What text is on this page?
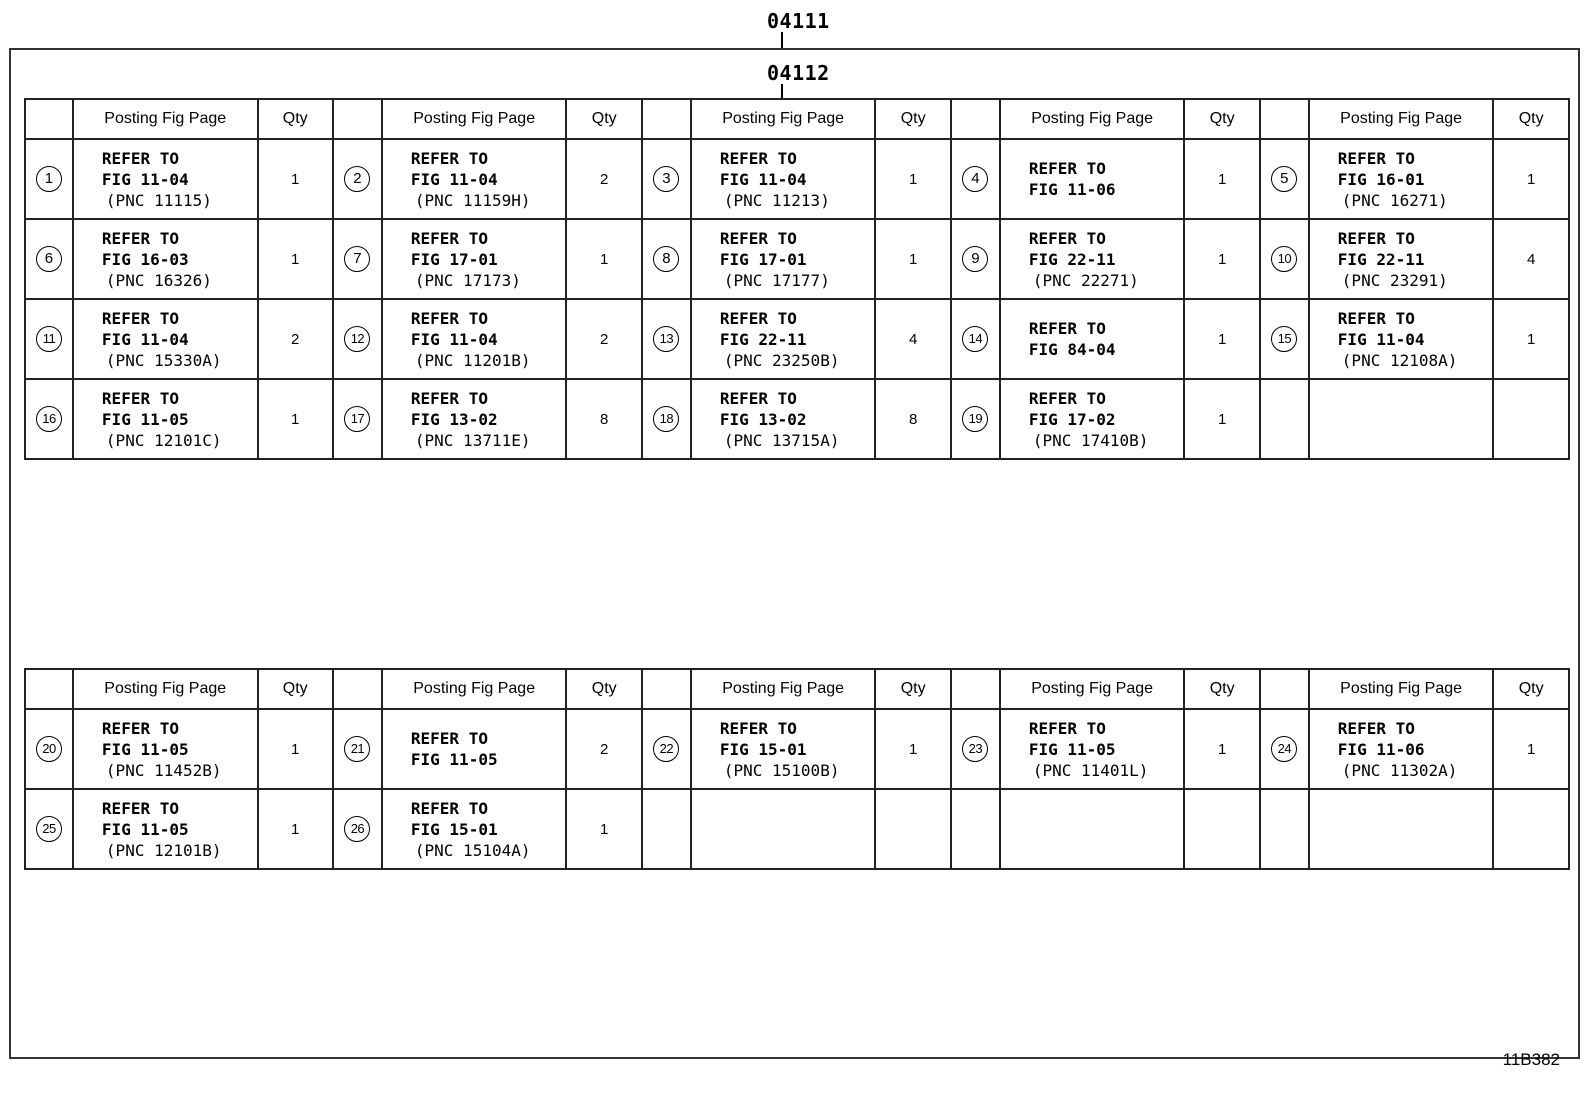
04111
04112
	Posting Fig Page	Qty		Posting Fig Page	Qty		Posting Fig Page	Qty		Posting Fig Page	Qty		Posting Fig Page	Qty
1	REFER TO
FIG 11-04
(PNC 11115)	1	2	REFER TO
FIG 11-04
(PNC 11159H)	2	3	REFER TO
FIG 11-04
(PNC 11213)	1	4	REFER TO
FIG 11-06	1	5	REFER TO
FIG 16-01
(PNC 16271)	1
6	REFER TO
FIG 16-03
(PNC 16326)	1	7	REFER TO
FIG 17-01
(PNC 17173)	1	8	REFER TO
FIG 17-01
(PNC 17177)	1	9	REFER TO
FIG 22-11
(PNC 22271)	1	10	REFER TO
FIG 22-11
(PNC 23291)	4
11	REFER TO
FIG 11-04
(PNC 15330A)	2	12	REFER TO
FIG 11-04
(PNC 11201B)	2	13	REFER TO
FIG 22-11
(PNC 23250B)	4	14	REFER TO
FIG 84-04	1	15	REFER TO
FIG 11-04
(PNC 12108A)	1
16	REFER TO
FIG 11-05
(PNC 12101C)	1	17	REFER TO
FIG 13-02
(PNC 13711E)	8	18	REFER TO
FIG 13-02
(PNC 13715A)	8	19	REFER TO
FIG 17-02
(PNC 17410B)	1			
	Posting Fig Page	Qty		Posting Fig Page	Qty		Posting Fig Page	Qty		Posting Fig Page	Qty		Posting Fig Page	Qty
20	REFER TO
FIG 11-05
(PNC 11452B)	1	21	REFER TO
FIG 11-05	2	22	REFER TO
FIG 15-01
(PNC 15100B)	1	23	REFER TO
FIG 11-05
(PNC 11401L)	1	24	REFER TO
FIG 11-06
(PNC 11302A)	1
25	REFER TO
FIG 11-05
(PNC 12101B)	1	26	REFER TO
FIG 15-01
(PNC 15104A)	1									
11B382
